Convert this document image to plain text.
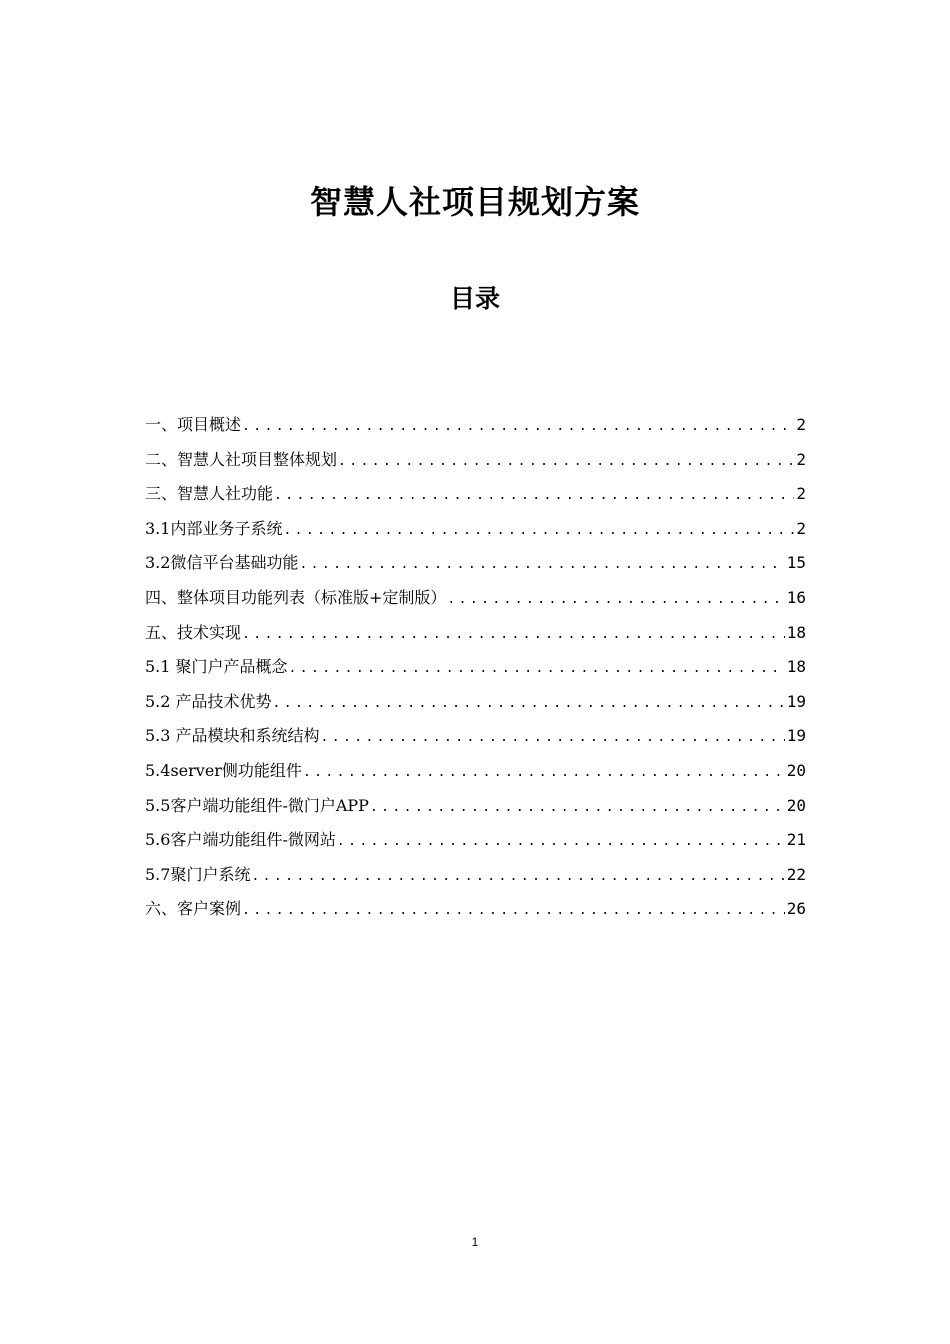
智慧人社项目规划方案
目录
一、项目概述 .....	2
二、智慧人社项目整体规划 .....	2
三、智慧人社功能 .....	2
3.1内部业务子系统 .....	2
3.2微信平台基础功能 .....	15
四、整体项目功能列表（标准版+定制版） .....	16
五、技术实现 .....	18
5.1 聚门户产品概念 .....	18
5.2 产品技术优势 .....	19
5.3 产品模块和系统结构 .....	19
5.4server侧功能组件 .....	20
5.5客户端功能组件-微门户APP .....	20
5.6客户端功能组件-微网站 .....	21
5.7聚门户系统 .....	22
六、客户案例 .....	26
1
